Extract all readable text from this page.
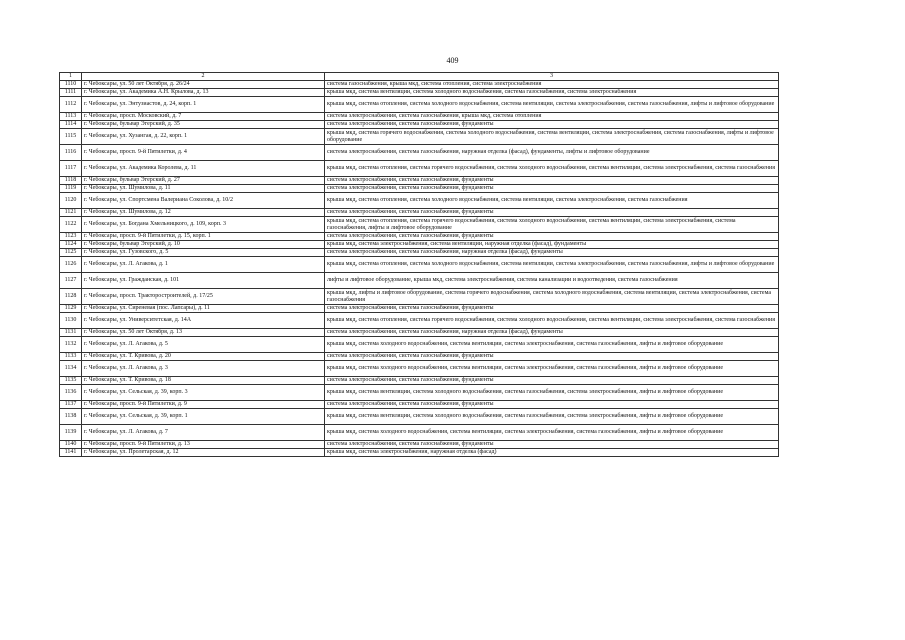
409
1	2	3
1110	г. Чебоксары, ул. 50 лет Октября, д. 26/24	система газоснабжения, крыша мкд, система отопления, система электроснабжения
1111	г. Чебоксары, ул. Академика А.Н. Крылова, д. 13	крыша мкд, система вентиляции, система холодного водоснабжения, система газоснабжения, система электроснабжения
1112	г. Чебоксары, ул. Энтузиастов, д. 24, корп. 1	крыша мкд, система отопления, система холодного водоснабжения, система вентиляции, система электроснабжения, система газоснабжения, лифты и лифтовое оборудование
1113	г. Чебоксары, просп. Московский, д. 7	система электроснабжения, система газоснабжения, крыша мкд, система отопления
1114	г. Чебоксары, бульвар Эгерский, д. 35	система электроснабжения, система газоснабжения, фундаменты
1115	г. Чебоксары, ул. Хузангая, д. 22, корп. 1	крыша мкд, система горячего водоснабжения, система холодного водоснабжения, система вентиляции, система электроснабжения, система газоснабжения, лифты и лифтовое оборудование
1116	г. Чебоксары, просп. 9-й Пятилетки, д. 4	система электроснабжения, система газоснабжения, наружная отделка (фасад), фундаменты, лифты и лифтовое оборудование
1117	г. Чебоксары, ул. Академика Королева, д. 11	крыша мкд, система отопления, система горячего водоснабжения, система холодного водоснабжения, система вентиляции, система электроснабжения, система газоснабжения
1118	г. Чебоксары, бульвар Эгерский, д. 27	система электроснабжения, система газоснабжения, фундаменты
1119	г. Чебоксары, ул. Шумилова, д. 11	система электроснабжения, система газоснабжения, фундаменты
1120	г. Чебоксары, ул. Спортсмена Валериана Соколова, д. 10/2	крыша мкд, система отопления, система холодного водоснабжения, система вентиляции, система электроснабжения, система газоснабжения
1121	г. Чебоксары, ул. Шумилова, д. 12	система электроснабжения, система газоснабжения, фундаменты
1122	г. Чебоксары, ул. Богдана Хмельницкого, д. 109, корп. 3	крыша мкд, система отопления, система горячего водоснабжения, система холодного водоснабжения, система вентиляции, система электроснабжения, система газоснабжения, лифты и лифтовое оборудование
1123	г. Чебоксары, просп. 9-й Пятилетки, д. 15, корп. 1	система электроснабжения, система газоснабжения, фундаменты
1124	г. Чебоксары, бульвар Эгерский, д. 10	крыша мкд, система электроснабжения, система вентиляции, наружная отделка (фасад), фундаменты
1125	г. Чебоксары, ул. Гузовского, д. 5	система электроснабжения, система газоснабжения, наружная отделка (фасад), фундаменты
1126	г. Чебоксары, ул. Л. Агакова, д. 1	крыша мкд, система отопления, система холодного водоснабжения, система вентиляции, система электроснабжения, система газоснабжения, лифты и лифтовое оборудование
1127	г. Чебоксары, ул. Гражданская, д. 101	лифты и лифтовое оборудование, крыша мкд, система электроснабжения, система канализации и водоотведения, система газоснабжения
1128	г. Чебоксары, просп. Тракторостроителей, д. 17/25	крыша мкд, лифты и лифтовое оборудование, система горячего водоснабжения, система холодного водоснабжения, система вентиляции, система электроснабжения, система газоснабжения
1129	г. Чебоксары, ул. Сиреневая (пос. Лапсары), д. 11	система электроснабжения, система газоснабжения, фундаменты
1130	г. Чебоксары, ул. Университетская, д. 14А	крыша мкд, система отопления, система горячего водоснабжения, система холодного водоснабжения, система вентиляции, система электроснабжения, система газоснабжения
1131	г. Чебоксары, ул. 50 лет Октября, д. 13	система электроснабжения, система газоснабжения, наружная отделка (фасад), фундаменты
1132	г. Чебоксары, ул. Л. Агакова, д. 5	крыша мкд, система холодного водоснабжения, система вентиляции, система электроснабжения, система газоснабжения, лифты и лифтовое оборудование
1133	г. Чебоксары, ул. Т. Кривова, д. 20	система электроснабжения, система газоснабжения, фундаменты
1134	г. Чебоксары, ул. Л. Агакова, д. 3	крыша мкд, система холодного водоснабжения, система вентиляции, система электроснабжения, система газоснабжения, лифты и лифтовое оборудование
1135	г. Чебоксары, ул. Т. Кривова, д. 18	система электроснабжения, система газоснабжения, фундаменты
1136	г. Чебоксары, ул. Сельская, д. 39, корп. 3	крыша мкд, система вентиляции, система холодного водоснабжения, система газоснабжения, система электроснабжения, лифты и лифтовое оборудование
1137	г. Чебоксары, просп. 9-й Пятилетки, д. 9	система электроснабжения, система газоснабжения, фундаменты
1138	г. Чебоксары, ул. Сельская, д. 39, корп. 1	крыша мкд, система вентиляции, система холодного водоснабжения, система газоснабжения, система электроснабжения, лифты и лифтовое оборудование
1139	г. Чебоксары, ул. Л. Агакова, д. 7	крыша мкд, система холодного водоснабжения, система вентиляции, система электроснабжения, система газоснабжения, лифты и лифтовое оборудование
1140	г. Чебоксары, просп. 9-й Пятилетки, д. 13	система электроснабжения, система газоснабжения, фундаменты
1141	г. Чебоксары, ул. Пролетарская, д. 12	крыша мкд, система электроснабжения, наружная отделка (фасад)
